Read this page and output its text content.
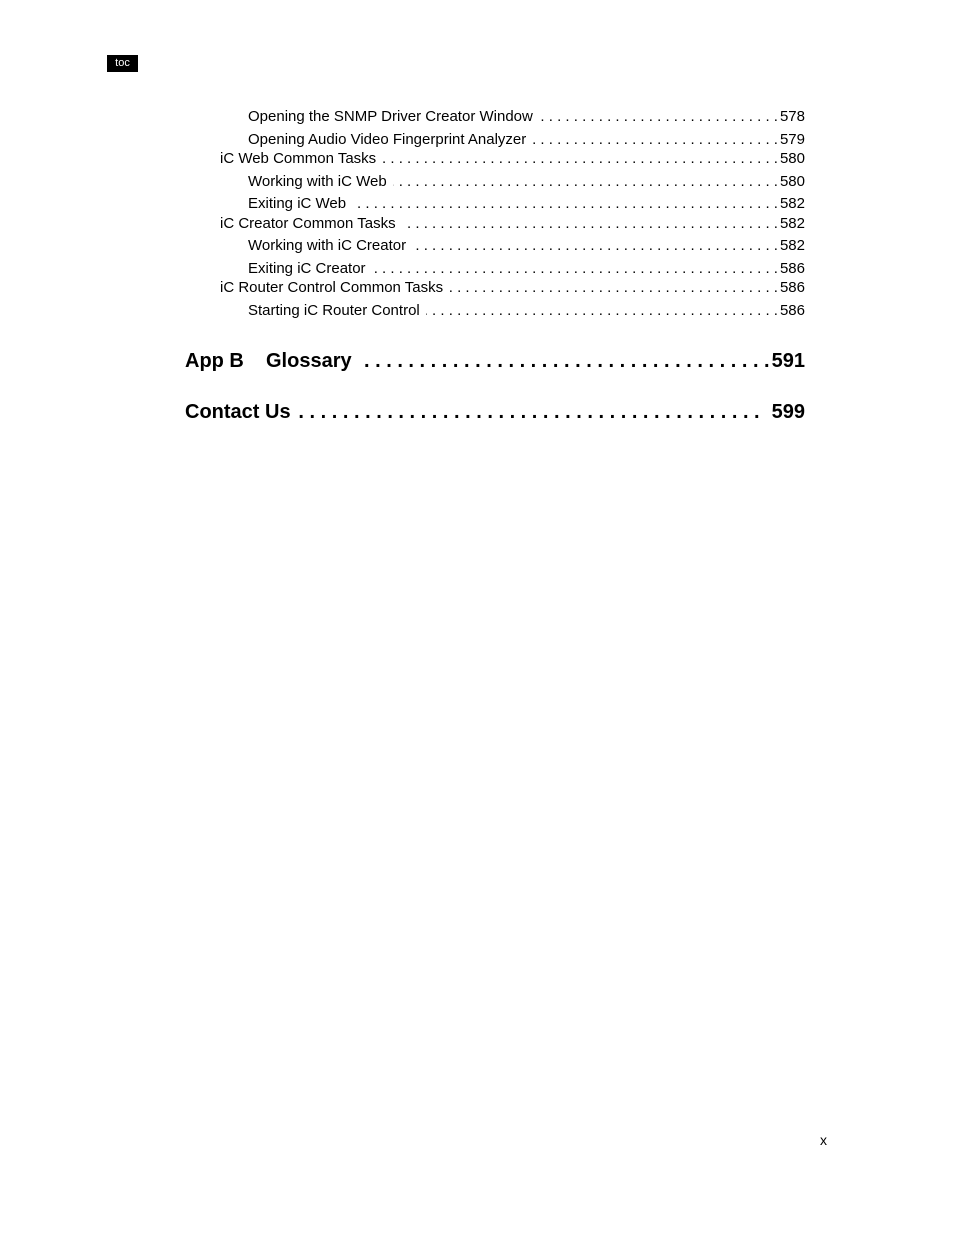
toc
Opening the SNMP Driver Creator Window . . .	578
Opening Audio Video Fingerprint Analyzer . . .	579
iC Web Common Tasks . . .	580
Working with iC Web . . .	580
Exiting iC Web . . .	582
iC Creator Common Tasks . . .	582
Working with iC Creator . . .	582
Exiting iC Creator . . .	586
iC Router Control Common Tasks . . .	586
Starting iC Router Control . . .	586
App B	Glossary . . .	591
Contact Us . . .	599
x
